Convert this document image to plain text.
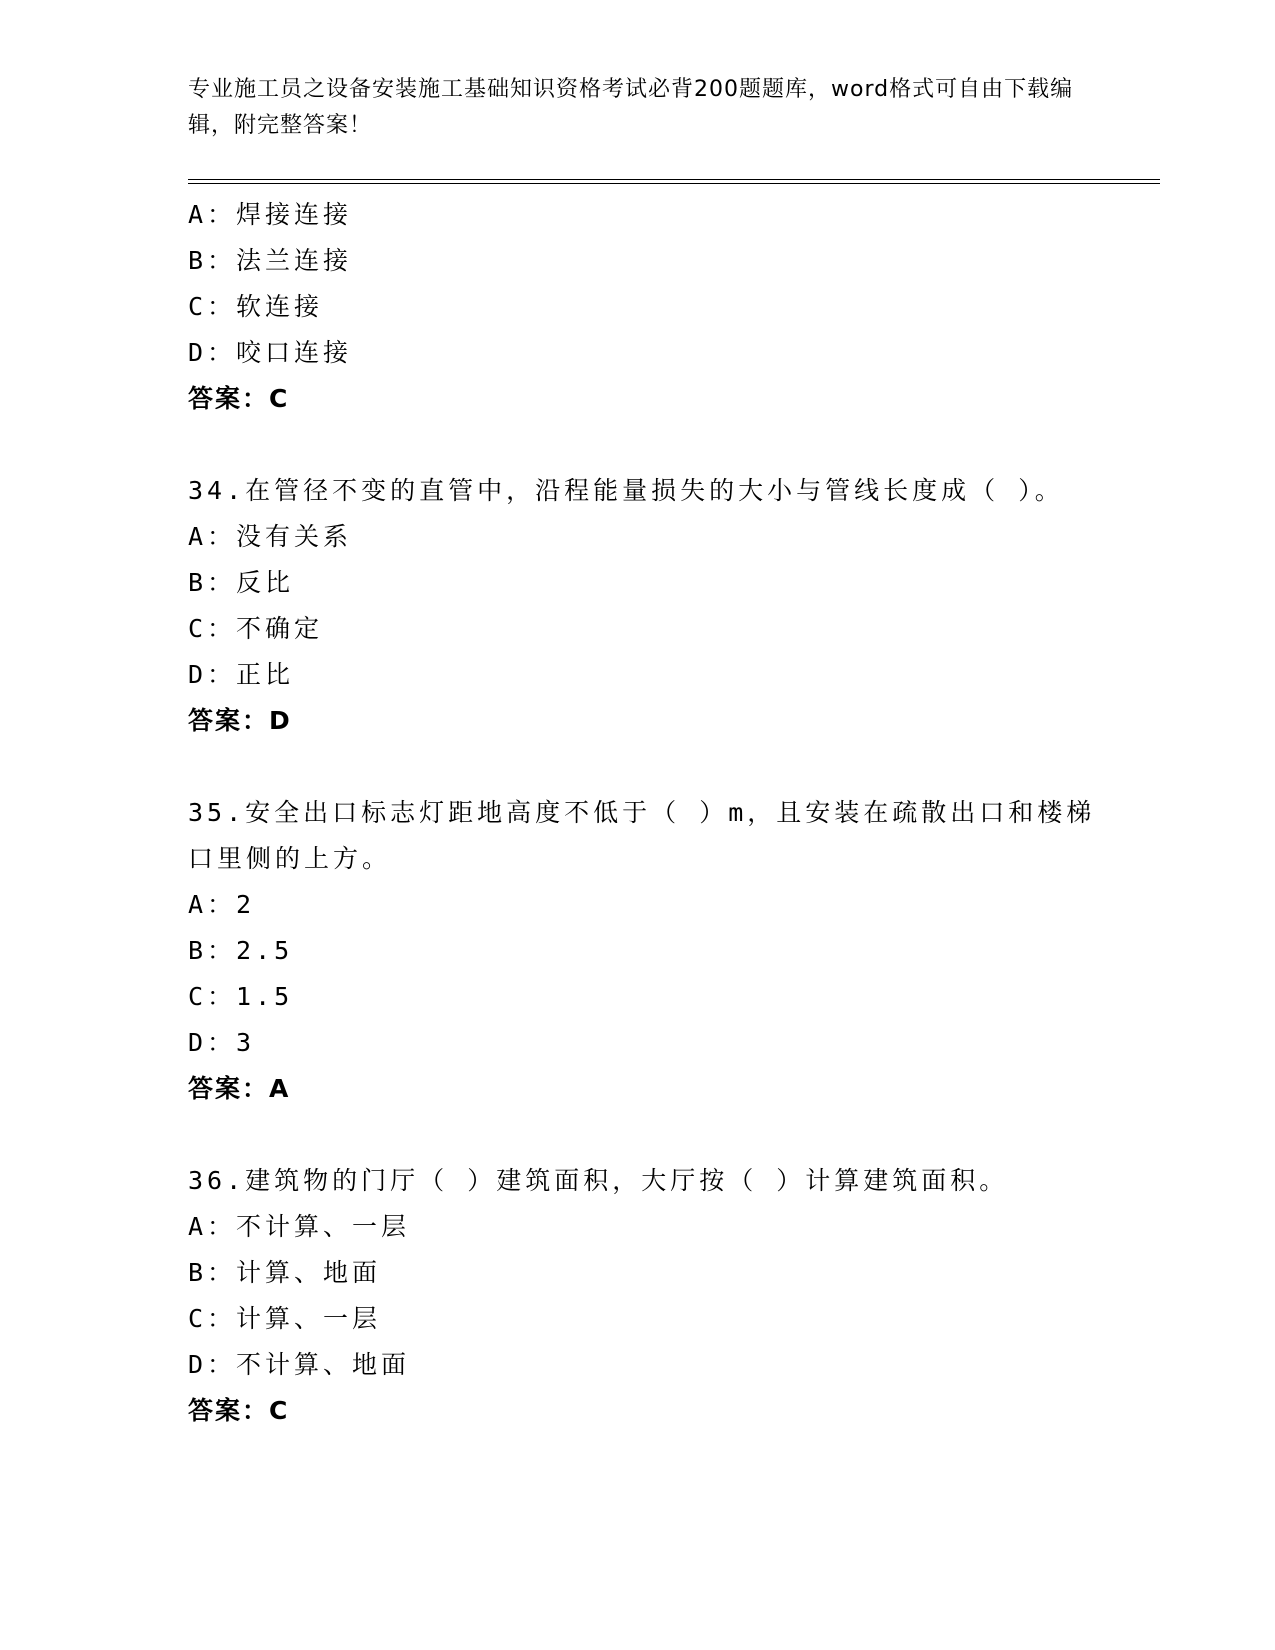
专业施工员之设备安装施工基础知识资格考试必背200题题库，word格式可自由下载编辑，附完整答案！
A：焊接连接
B：法兰连接
C：软连接
D：咬口连接
答案：C
34.在管径不变的直管中，沿程能量损失的大小与管线长度成（ ）。
A：没有关系
B：反比
C：不确定
D：正比
答案：D
35.安全出口标志灯距地高度不低于（ ）m，且安装在疏散出口和楼梯
口里侧的上方。
A：2
B：2.5
C：1.5
D：3
答案：A
36.建筑物的门厅（ ）建筑面积，大厅按（ ）计算建筑面积。
A：不计算、一层
B：计算、地面
C：计算、一层
D：不计算、地面
答案：C
